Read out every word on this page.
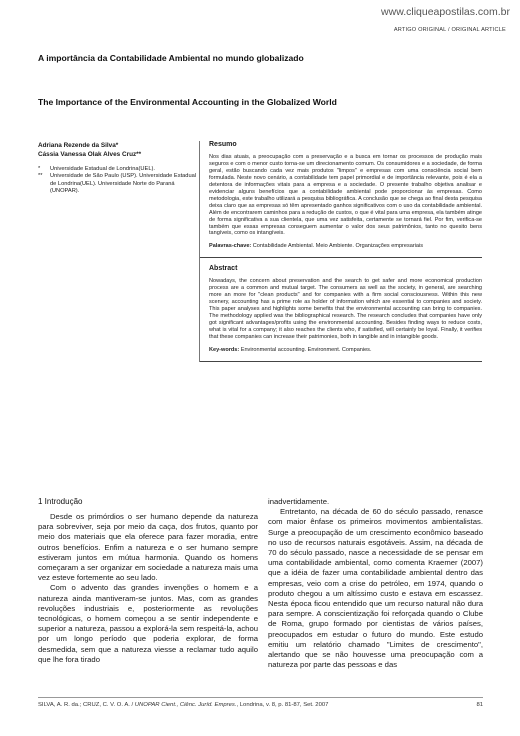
www.cliqueapostilas.com.br
ARTIGO ORIGINAL / ORIGINAL ARTICLE
A importância da Contabilidade Ambiental no mundo globalizado
The Importance of the Environmental Accounting in the Globalized World
Adriana Rezende da Silva*
Cássia Vanessa Olak Alves Cruz**
*	Universidade Estadual de Londrina(UEL).
**	Universidade de São Paulo (USP). Universidade Estadual de Londrina(UEL). Universidade Norte do Paraná (UNOPAR).
Resumo
Nos dias atuais, a preocupação com a preservação e a busca em tornar os processos de produção mais seguros e com o menor custo torna-se um direcionamento comum. Os consumidores e a sociedade, de forma geral, estão buscando cada vez mais produtos "limpos" e empresas com uma consciência social bem formulada. Neste novo cenário, a contabilidade tem papel primordial e de importância relevante, pois é ela a detentora de informações vitais para a empresa e a sociedade. O presente trabalho objetiva analisar e evidenciar alguns benefícios que a contabilidade ambiental pode proporcionar às empresas. Como metodologia, este trabalho utilizará a pesquisa bibliográfica. A conclusão que se chega ao final desta pesquisa deixa claro que as empresas só têm apresentado ganhos significativos com o uso da contabilidade ambiental. Além de encontrarem caminhos para a redução de custos, o que é vital para uma empresa, ela também atinge de forma significativa a sua clientela, que uma vez satisfeita, certamente se tornará fiel. Por fim, verifica-se também que essas empresas conseguem aumentar o valor dos seus patrimônios, tanto no quesito bens tangíveis, como os intangíveis.
Palavras-chave: Contabilidade Ambiental. Meio Ambiente. Organizações empresariais
Abstract
Nowadays, the concern about preservation and the search to get safer and more economical production process are a common and mutual target. The consumers as well as the society, in general, are searching more an more for "clean products" and for companies with a firm social consciousness. Within this new scenery, accounting has a prime role as holder of information which are essential to companies and society. This paper analyses and highlights some benefits that the environmental accounting can bring to companies. The methodology applied was the bibliographical research. The research concludes that companies have only got significant advantages/profits using the environmental accounting. Besides finding ways to reduce costs, what is vital for a company; it also reaches the clients who, if satisfied, will certainly be loyal. Finally, it verifies that these companies can increase their patrimonies, both in tangible and in intangible goods.
Key-words: Environmental accounting. Environment. Companies.
1 Introdução

Desde os primórdios o ser humano depende da natureza para sobreviver, seja por meio da caça, dos frutos, quanto por meio dos materiais que ela oferece para fazer moradia, entre outros benefícios. Enfim a natureza e o ser humano sempre estiveram juntos em mútua harmonia. Quando os homens começaram a ser organizar em sociedade a natureza mais uma vez esteve fortemente ao seu lado.

Com o advento das grandes invenções o homem e a natureza ainda mantiveram-se juntos. Mas, com as grandes revoluções industriais e, posteriormente as revoluções tecnológicas, o homem começou a se sentir independente e superior a natureza, passou a explorá-la sem respeitá-la, achou por um longo período que poderia explorar, de forma desmedida, sem que a natureza viesse a reclamar tudo aquilo que lhe fora tirado

inadvertidamente.

Entretanto, na década de 60 do século passado, renasce com maior ênfase os primeiros movimentos ambientalistas. Surge a preocupação de um crescimento econômico baseado no uso de recursos naturais esgotáveis. Assim, na década de 70 do século passado, nasce a necessidade de se pensar em uma contabilidade ambiental, como comenta Kraemer (2007) que a idéia de fazer uma contabilidade ambiental dentro das empresas, veio com a crise do petróleo, em 1974, quando o produto chegou a um altíssimo custo e estava em escassez. Nesta época ficou entendido que um recurso natural não dura para sempre. A conscientização foi reforçada quando o Clube de Roma, grupo formado por cientistas de vários países, preocupados em estudar o futuro do mundo. Este estudo emitiu um relatório chamado "Limites de crescimento", alertando que se não houvesse uma preocupação com a natureza por parte das pessoas e das

SILVA, A. R. da.; CRUZ, C. V. O. A. / UNOPAR Cient., Ciênc. Juríd. Empres., Londrina, v. 8, p. 81-87, Set. 2007	81
